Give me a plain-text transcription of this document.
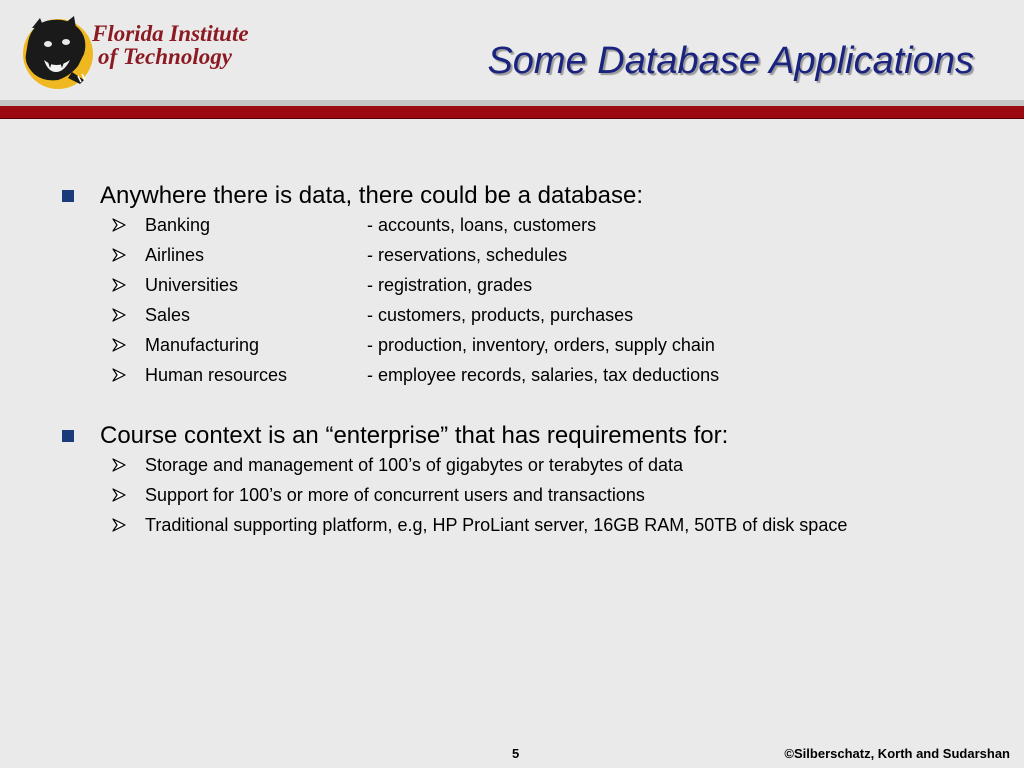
Florida Institute
of Technology	Some Database Applications
Anywhere there is data, there could be a database:
Banking	- accounts, loans, customers
Airlines	- reservations, schedules
Universities	- registration, grades
Sales	- customers, products, purchases
Manufacturing	- production, inventory, orders, supply chain
Human resources	- employee records, salaries, tax deductions
Course context is an “enterprise” that has requirements for:
Storage and management of 100’s of gigabytes or terabytes of data
Support for 100’s or more of concurrent users and transactions
Traditional supporting platform, e.g, HP ProLiant server, 16GB RAM, 50TB of disk space
5	©Silberschatz, Korth and Sudarshan
